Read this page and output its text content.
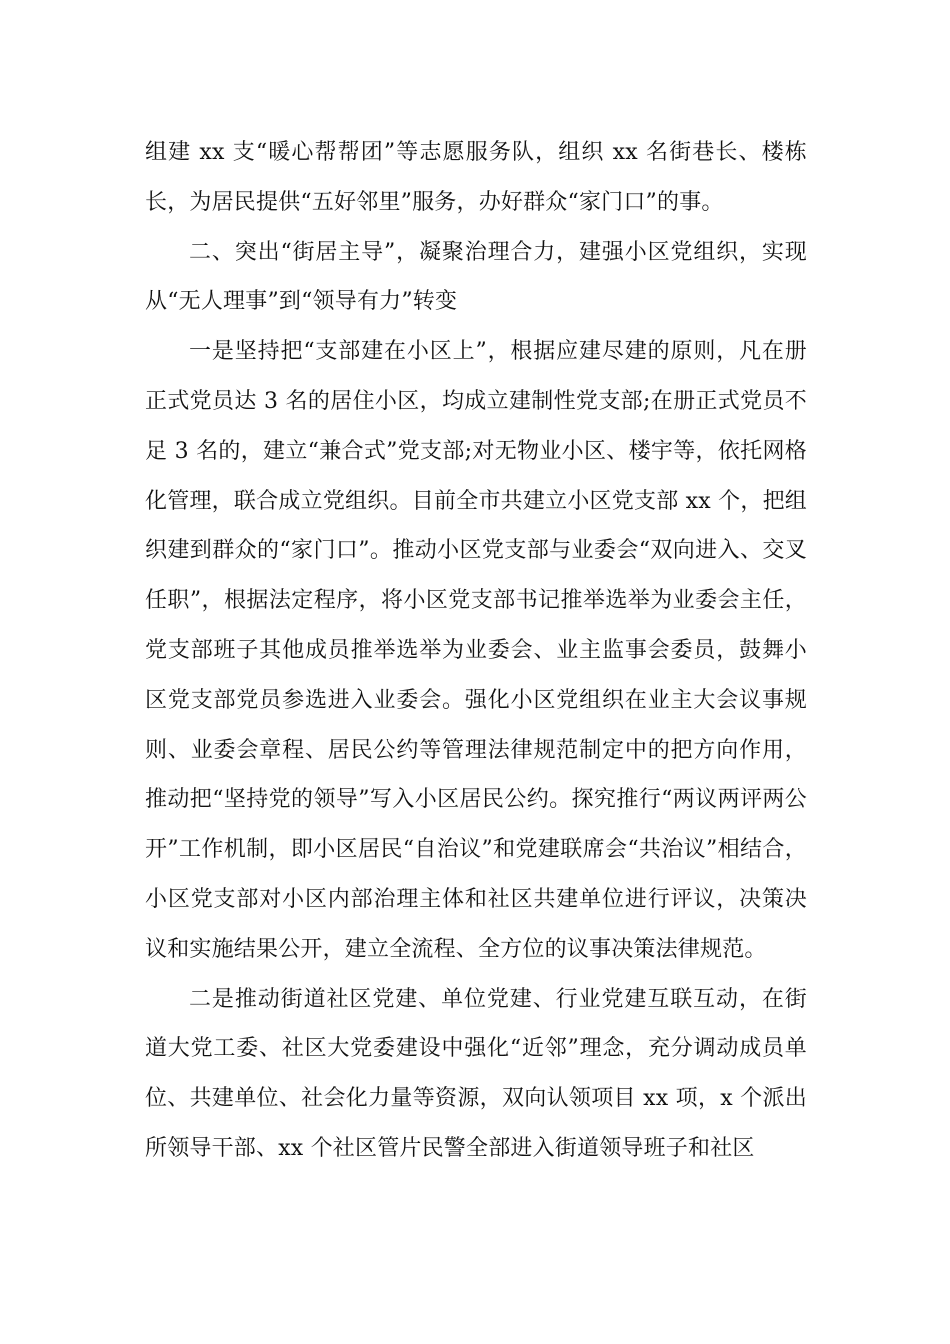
组建 xx 支“暖心帮帮团”等志愿服务队，组织 xx 名街巷长、楼栋长，为居民提供“五好邻里”服务，办好群众“家门口”的事。

二、突出“街居主导”，凝聚治理合力，建强小区党组织，实现从“无人理事”到“领导有力”转变

一是坚持把“支部建在小区上”，根据应建尽建的原则，凡在册正式党员达 3 名的居住小区，均成立建制性党支部;在册正式党员不足 3 名的，建立“兼合式”党支部;对无物业小区、楼宇等，依托网格化管理，联合成立党组织。目前全市共建立小区党支部 xx 个，把组织建到群众的“家门口”。推动小区党支部与业委会“双向进入、交叉任职”，根据法定程序，将小区党支部书记推举选举为业委会主任，党支部班子其他成员推举选举为业委会、业主监事会委员，鼓舞小区党支部党员参选进入业委会。强化小区党组织在业主大会议事规则、业委会章程、居民公约等管理法律规范制定中的把方向作用，推动把“坚持党的领导”写入小区居民公约。探究推行“两议两评两公开”工作机制，即小区居民“自治议”和党建联席会“共治议”相结合，小区党支部对小区内部治理主体和社区共建单位进行评议，决策决议和实施结果公开，建立全流程、全方位的议事决策法律规范。

二是推动街道社区党建、单位党建、行业党建互联互动，在街道大党工委、社区大党委建设中强化“近邻”理念，充分调动成员单位、共建单位、社会化力量等资源，双向认领项目 xx 项，x 个派出所领导干部、xx 个社区管片民警全部进入街道领导班子和社区
